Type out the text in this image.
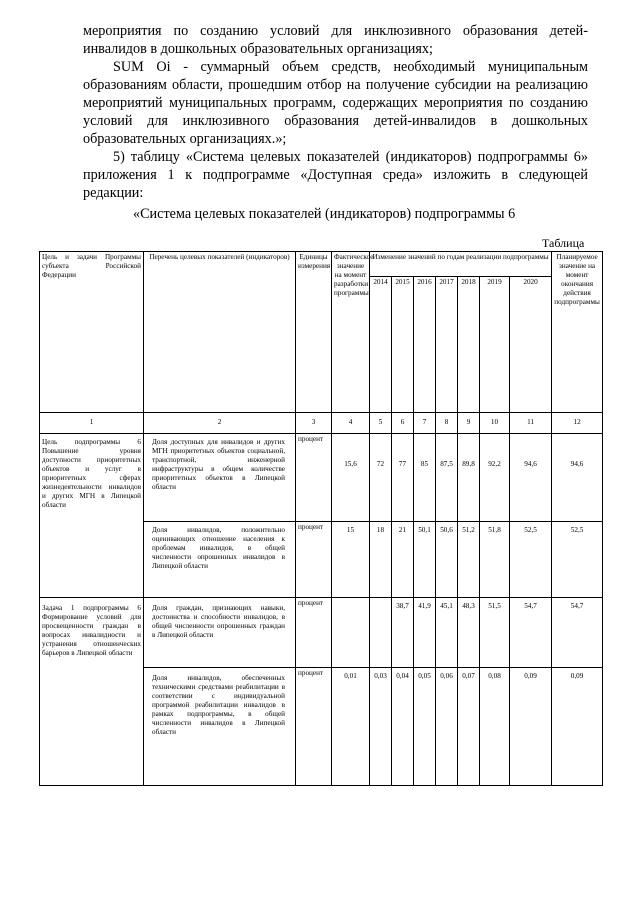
мероприятия по созданию условий для инклюзивного образования детей-инвалидов в дошкольных образовательных организациях;

SUM Oi - суммарный объем средств, необходимый муниципальным образованиям области, прошедшим отбор на получение субсидии на реализацию мероприятий муниципальных программ, содержащих мероприятия по созданию условий для инклюзивного образования детей-инвалидов в дошкольных образовательных организациях.»;

5) таблицу «Система целевых показателей (индикаторов) подпрограммы 6» приложения 1 к подпрограмме «Доступная среда» изложить в следующей редакции:

«Система целевых показателей (индикаторов) подпрограммы 6
Таблица
Цель и задачи Программы субъекта Российской Федерации	Перечень целевых показателей (индикаторов)	Единицы измерения	Фактическое значение на момент разработки программы	Изменение значений по годам реализации подпрограммы							Планируемое значение на момент окончания действия подпрограммы
				2014	2015	2016	2017	2018	2019	2020	
1	2	3	4	5	6	7	8	9	10	11	12
Цель подпрограммы 6 Повышение уровня доступности приоритетных объектов и услуг в приоритетных сферах жизнедеятельности инвалидов и других МГН в Липецкой области	Доля доступных для инвалидов и других МГН приоритетных объектов социальной, транспортной, инженерной инфраструктуры в общем количестве приоритетных объектов в Липецкой области	процент	15,6	72	77	85	87,5	89,8	92,2	94,6	94,6
	Доля инвалидов, положительно оценивающих отношение населения к проблемам инвалидов, в общей численности опрошенных инвалидов в Липецкой области	процент	15	18	21	50,1	50,6	51,2	51,8	52,5	52,5
Задача 1 подпрограммы 6 Формирование условий для просвещенности граждан в вопросах инвалидности и устранения отношенческих барьеров в Липецкой области	Доля граждан, признающих навыки, достоинства и способности инвалидов, в общей численности опрошенных граждан в Липецкой области	процент			38,7	41,9	45,1	48,3	51,5	54,7	54,7
	Доля инвалидов, обеспеченных техническими средствами реабилитации в соответствии с индивидуальной программой реабилитации инвалидов в рамках подпрограммы, в общей численности инвалидов в Липецкой области	процент	0,01	0,03	0,04	0,05	0,06	0,07	0,08	0,09	0,09
